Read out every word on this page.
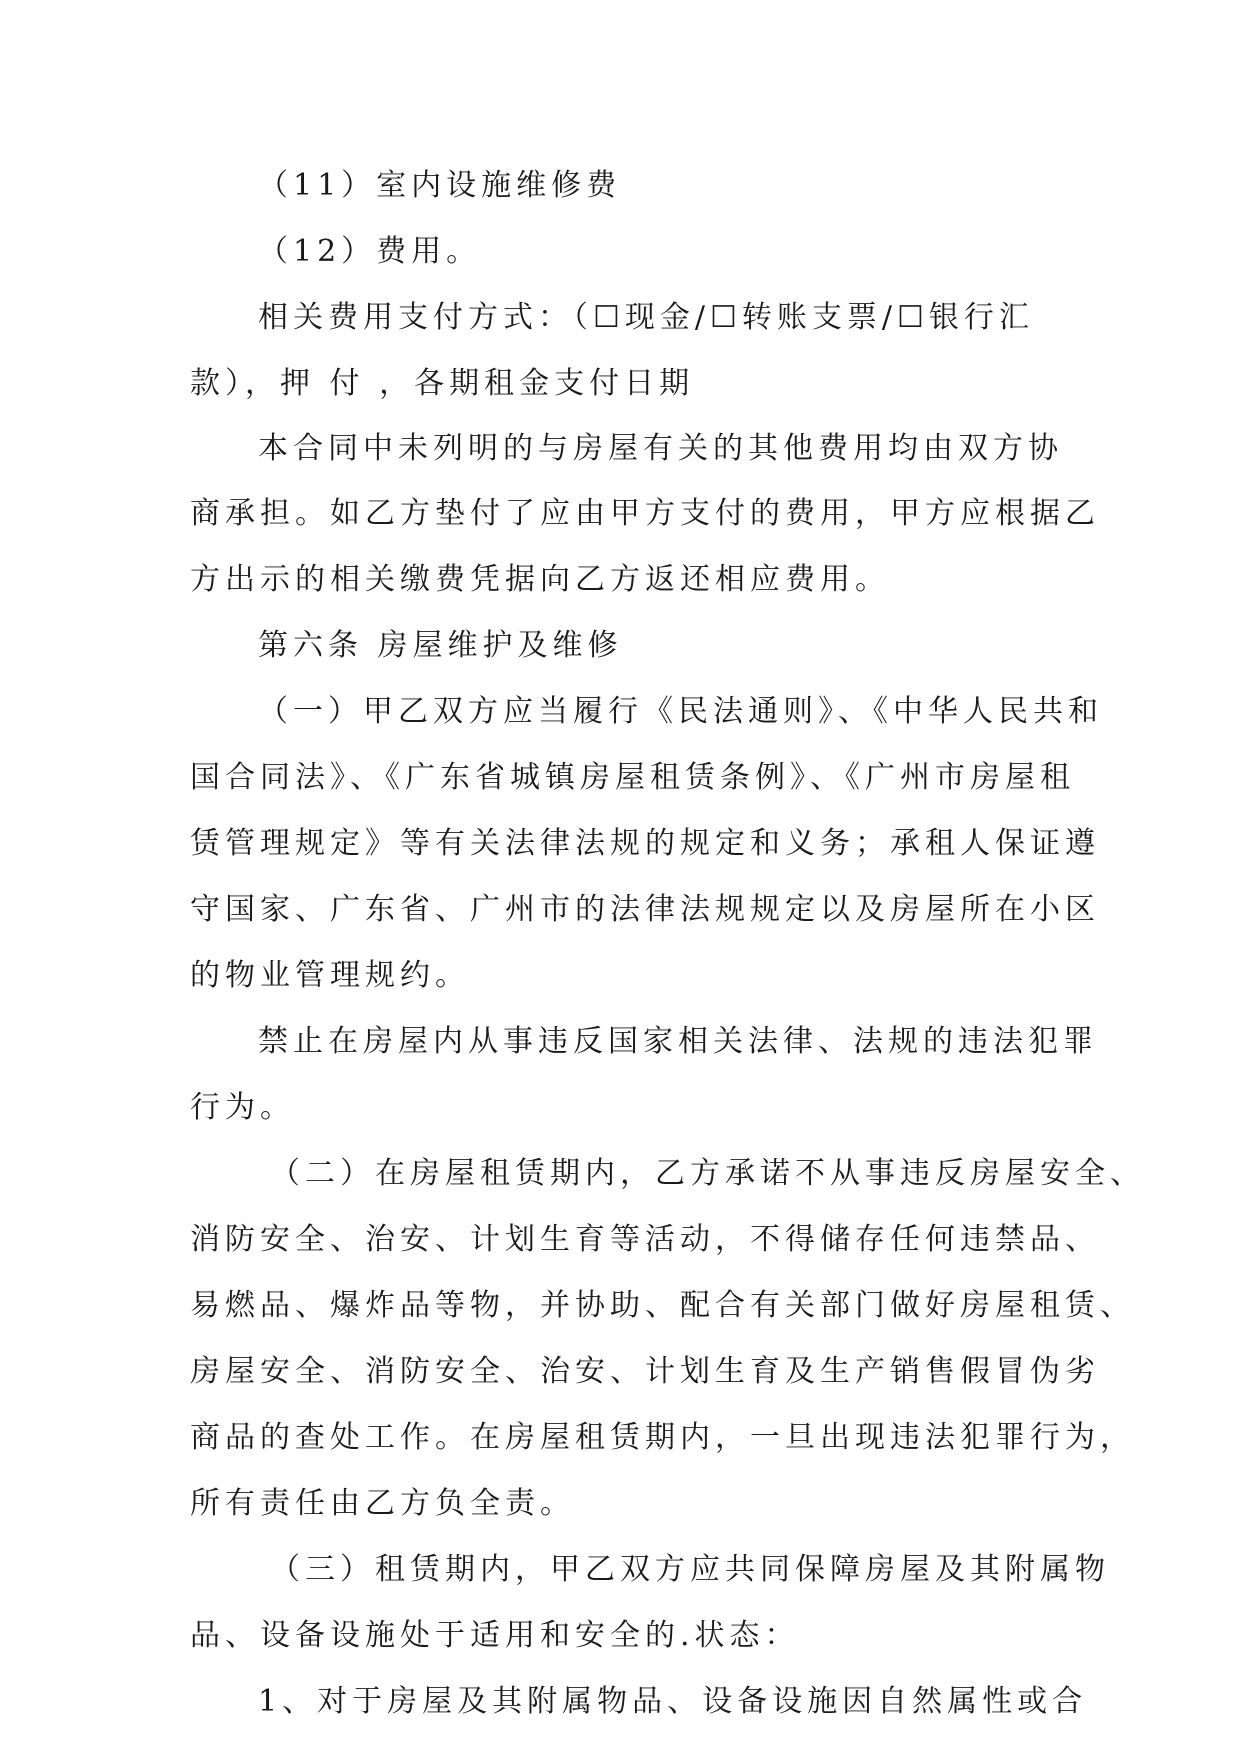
（11）室内设施维修费
（12）费用。
相关费用支付方式：（☐现金/☐转账支票/☐银行汇
款），押 付 ，各期租金支付日期
本合同中未列明的与房屋有关的其他费用均由双方协
商承担。如乙方垫付了应由甲方支付的费用，甲方应根据乙
方出示的相关缴费凭据向乙方返还相应费用。
第六条 房屋维护及维修
（一）甲乙双方应当履行《民法通则》、《中华人民共和
国合同法》、《广东省城镇房屋租赁条例》、《广州市房屋租
赁管理规定》等有关法律法规的规定和义务；承租人保证遵
守国家、广东省、广州市的法律法规规定以及房屋所在小区
的物业管理规约。
禁止在房屋内从事违反国家相关法律、法规的违法犯罪
行为。
（二）在房屋租赁期内，乙方承诺不从事违反房屋安全、
消防安全、治安、计划生育等活动，不得储存任何违禁品、
易燃品、爆炸品等物，并协助、配合有关部门做好房屋租赁、
房屋安全、消防安全、治安、计划生育及生产销售假冒伪劣
商品的查处工作。在房屋租赁期内，一旦出现违法犯罪行为，
所有责任由乙方负全责。
（三）租赁期内，甲乙双方应共同保障房屋及其附属物
品、设备设施处于适用和安全的.状态：
1、对于房屋及其附属物品、设备设施因自然属性或合
